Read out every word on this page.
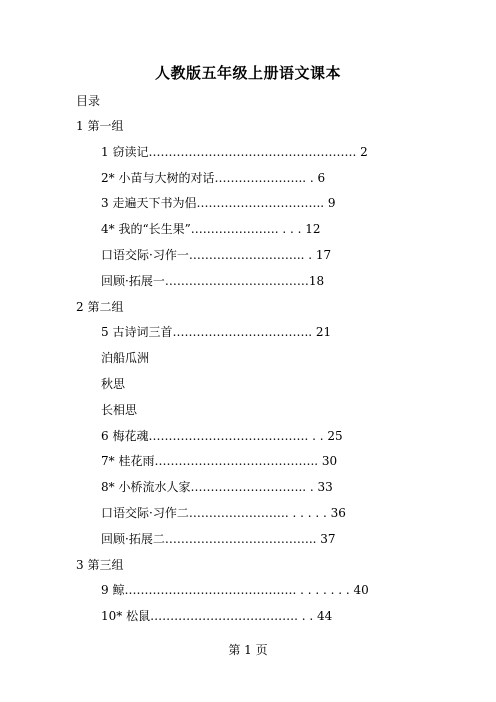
人教版五年级上册语文课本
目录
1 第一组
1 窃读记……………………………………………. 2
2* 小苗与大树的对话………………….. . 6
3 走遍天下书为侣………………………….. 9
4* 我的“长生果”…………………. . . . 12
口语交际·习作一……………………….. . 17
回顾·拓展一………………………………18
2 第二组
5 古诗词三首…………………………….. 21
泊船瓜洲
秋思
长相思
6 梅花魂…………………………………. . . 25
7* 桂花雨………………………………….. 30
8* 小桥流水人家……………………….. . 33
口语交际·习作二……………………. . . . . . 36
回顾·拓展二……………………………….. 37
3 第三组
9 鲸……………………………………. . . . . . . . 40
10* 松鼠………………………………. . . 44
第 1 页
